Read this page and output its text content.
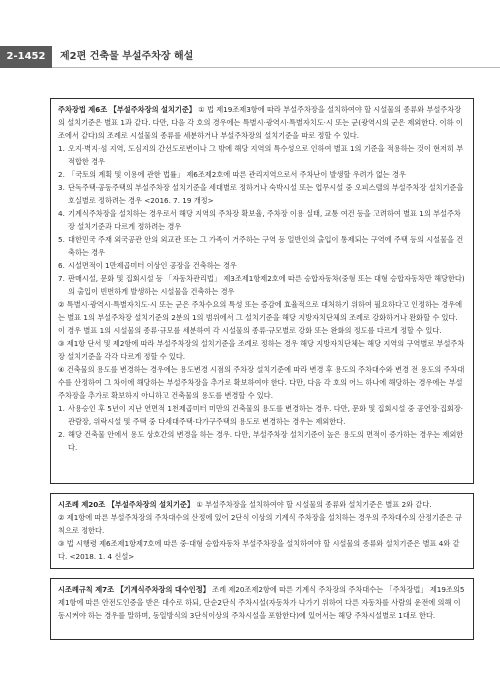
2-1452	제2편 건축물 부설주차장 해설

주차장법 제6조 【부설주차장의 설치기준】 ① 법 제19조제3항에 따라 부설주차장을 설치하여야 할 시설물의 종류와 부설주차장의 설치기준은 별표 1과 같다. 다만, 다음 각 호의 경우에는 특별시·광역시·특별자치도·시 또는 군(광역시의 군은 제외한다. 이하 이 조에서 같다)의 조례로 시설물의 종류를 세분하거나 부설주차장의 설치기준을 따로 정할 수 있다.

1. 오지·벽지·섬 지역, 도심지의 간선도로변이나 그 밖에 해당 지역의 특수성으로 인하여 별표 1의 기준을 적용하는 것이 현저히 부적합한 경우

2. 「국토의 계획 및 이용에 관한 법률」 제6조제2호에 따른 관리지역으로서 주차난이 발생할 우려가 없는 경우

3. 단독주택·공동주택의 부설주차장 설치기준을 세대별로 정하거나 숙박시설 또는 업무시설 중 오피스텔의 부설주차장 설치기준을 호실별로 정하려는 경우 <2016. 7. 19 개정>

4. 기계식주차장을 설치하는 경우로서 해당 지역의 주차장 확보율, 주차장 이용 실태, 교통 여건 등을 고려하여 별표 1의 부설주차장 설치기준과 다르게 정하려는 경우

5. 대한민국 주재 외국공관 안의 외교관 또는 그 가족이 거주하는 구역 등 일반인의 출입이 통제되는 구역에 주택 등의 시설물을 건축하는 경우

6. 시설면적이 1만제곱미터 이상인 공장을 건축하는 경우

7. 판매시설, 문화 및 집회시설 등 「자동차관리법」 제3조제1항제2호에 따른 승합자동차(중형 또는 대형 승합자동차만 해당한다)의 출입이 빈번하게 발생하는 시설물을 건축하는 경우

② 특별시·광역시·특별자치도·시 또는 군은 주차수요의 특성 또는 증감에 효율적으로 대처하기 위하여 필요하다고 인정하는 경우에는 별표 1의 부설주차장 설치기준의 2분의 1의 범위에서 그 설치기준을 해당 지방자치단체의 조례로 강화하거나 완화할 수 있다. 이 경우 별표 1의 시설물의 종류·규모를 세분하여 각 시설물의 종류·규모별로 강화 또는 완화의 정도를 다르게 정할 수 있다.

③ 제1항 단서 및 제2항에 따라 부설주차장의 설치기준을 조례로 정하는 경우 해당 지방자치단체는 해당 지역의 구역별로 부설주차장 설치기준을 각각 다르게 정할 수 있다.

④ 건축물의 용도를 변경하는 경우에는 용도변경 시점의 주차장 설치기준에 따라 변경 후 용도의 주차대수와 변경 전 용도의 주차대수를 산정하여 그 차이에 해당하는 부설주차장을 추가로 확보하여야 한다. 다만, 다음 각 호의 어느 하나에 해당하는 경우에는 부설주차장을 추가로 확보하지 아니하고 건축물의 용도를 변경할 수 있다.

1. 사용승인 후 5년이 지난 연면적 1천제곱미터 미만의 건축물의 용도를 변경하는 경우. 다만, 문화 및 집회시설 중 공연장·집회장·관람장, 위락시설 및 주택 중 다세대주택·다가구주택의 용도로 변경하는 경우는 제외한다.

2. 해당 건축물 안에서 용도 상호간의 변경을 하는 경우. 다만, 부설주차장 설치기준이 높은 용도의 면적이 증가하는 경우는 제외한다.

시조례 제20조 【부설주차장의 설치기준】 ① 부설주차장을 설치하여야 할 시설물의 종류와 설치기준은 별표 2와 같다.

② 제1항에 따른 부설주차장의 주차대수의 산정에 있어 2단식 이상의 기계식 주차장을 설치하는 경우의 주차대수의 산정기준은 규칙으로 정한다.

③ 법 시행령 제6조제1항제7호에 따른 중·대형 승합자동차 부설주차장을 설치하여야 할 시설물의 종류와 설치기준은 별표 4와 같다. <2018. 1. 4 신설>

시조례규칙 제7조 【기계식주차장의 대수인정】 조례 제20조제2항에 따른 기계식 주차장의 주차대수는 「주차장법」 제19조의5제1항에 따른 안전도인증을 받은 대수로 하되, 단순2단식 주차시설(자동차가 나가기 위하여 다른 자동차를 사람의 운전에 의해 이동시켜야 하는 경우를 말하며, 동일방식의 3단식이상의 주차시설을 포함한다)에 있어서는 해당 주차시설별로 1대로 한다.
